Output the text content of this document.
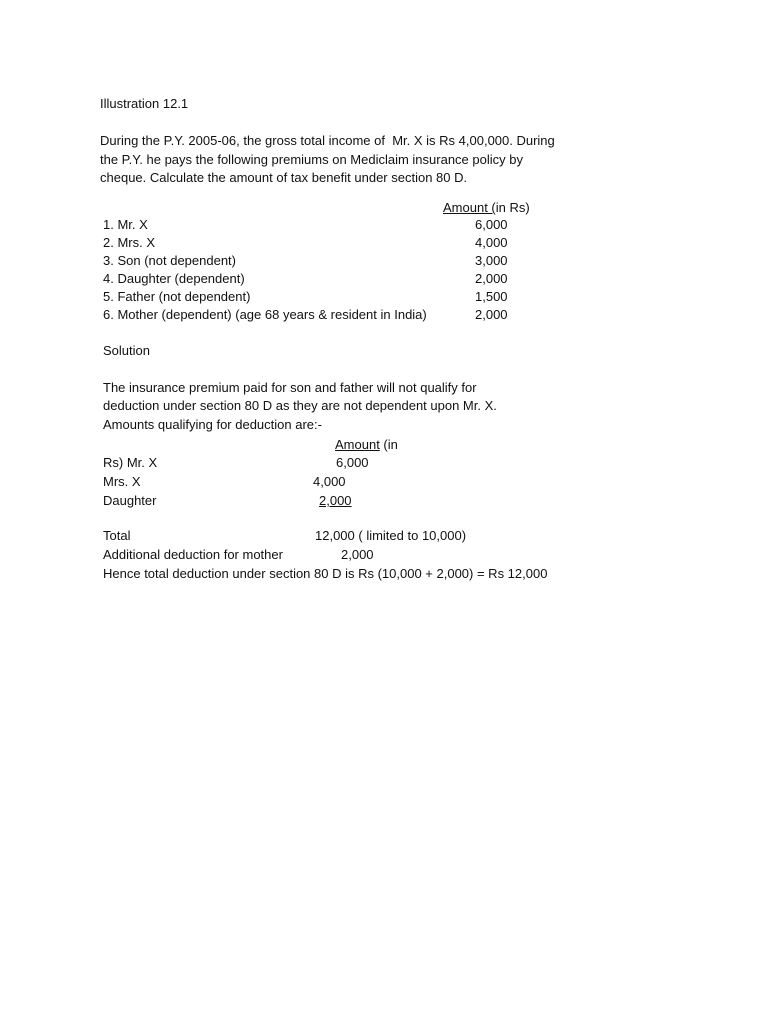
Illustration 12.1
During the P.Y. 2005-06, the gross total income of  Mr. X is Rs 4,00,000. During
the P.Y. he pays the following premiums on Mediclaim insurance policy by
cheque. Calculate the amount of tax benefit under section 80 D.
Amount (in Rs)
1. Mr. X	6,000
2. Mrs. X	4,000
3. Son (not dependent)	3,000
4. Daughter (dependent)	2,000
5. Father (not dependent)	1,500
6. Mother (dependent) (age 68 years & resident in India)	2,000
Solution
The insurance premium paid for son and father will not qualify for
deduction under section 80 D as they are not dependent upon Mr. X.
Amounts qualifying for deduction are:-
Amount (in
Rs) Mr. X	6,000
Mrs. X	4,000
Daughter	2,000
Total	12,000 ( limited to 10,000)
Additional deduction for mother	2,000
Hence total deduction under section 80 D is Rs (10,000 + 2,000) = Rs 12,000
